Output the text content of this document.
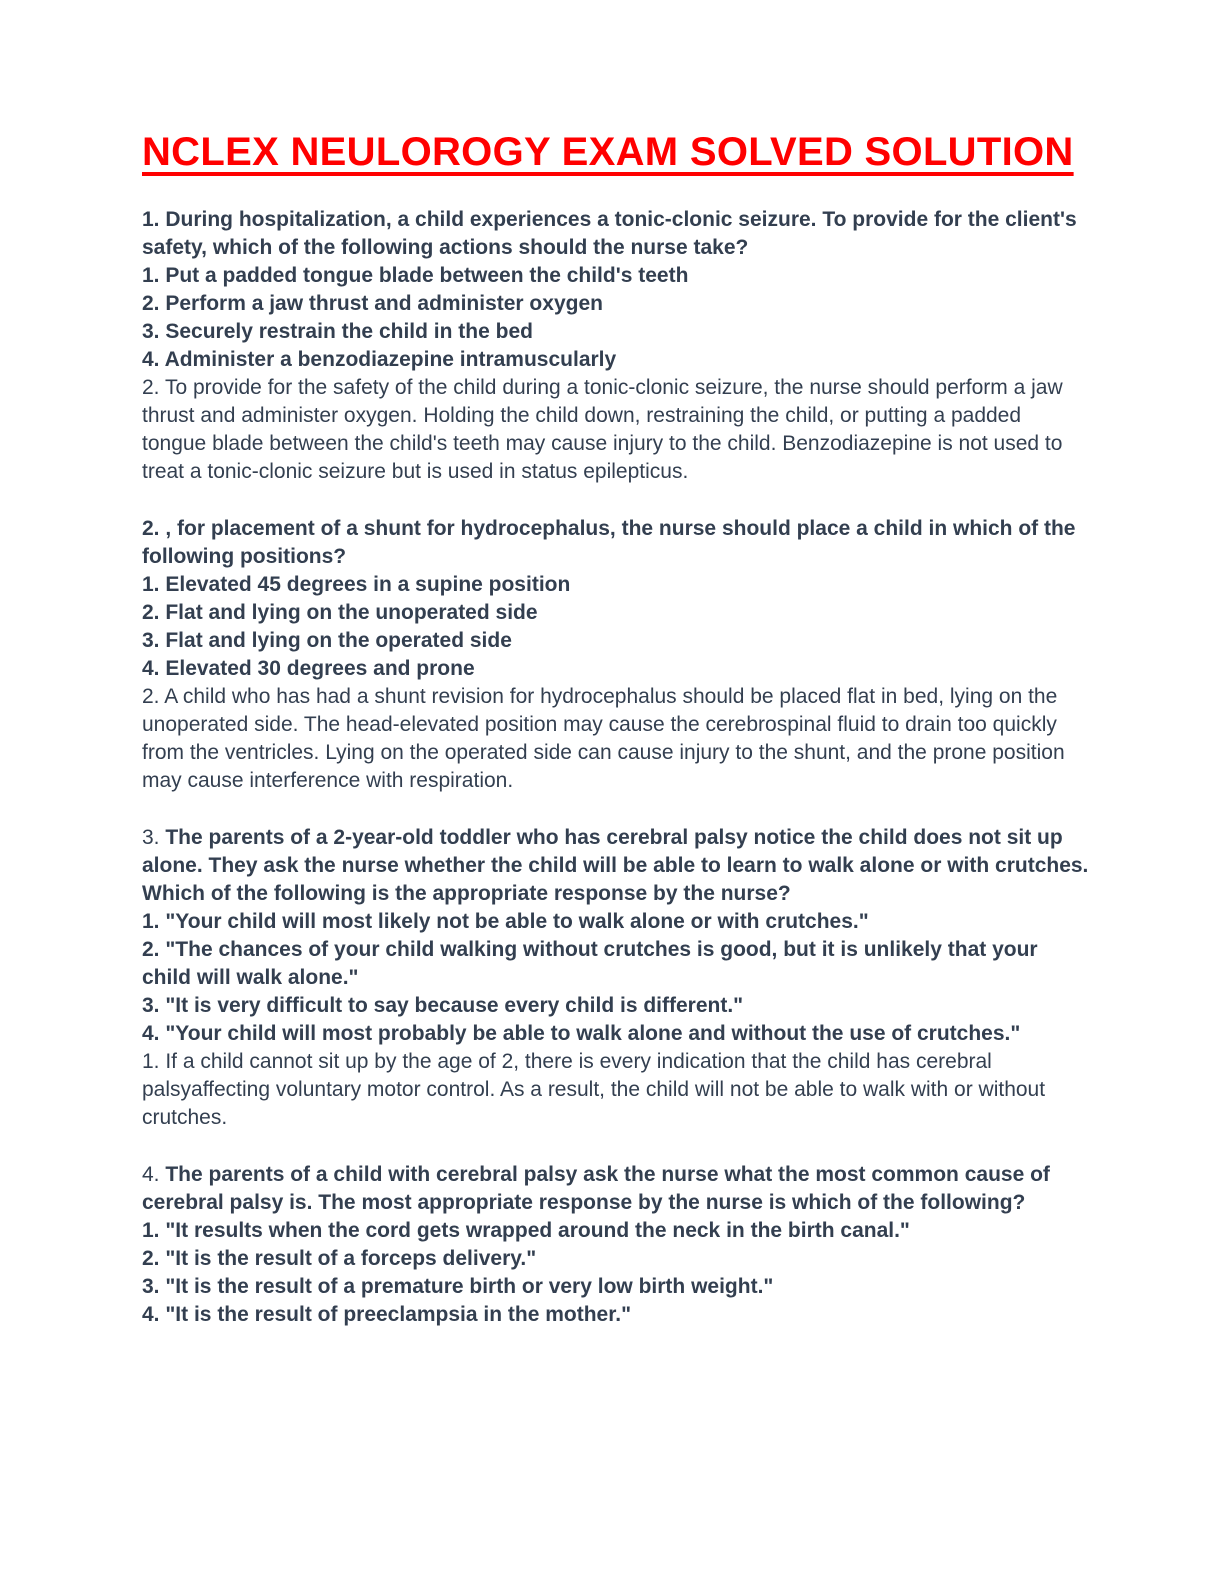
NCLEX NEULOROGY EXAM SOLVED SOLUTION

1. During hospitalization, a child experiences a tonic-clonic seizure. To provide for the client's safety, which of the following actions should the nurse take?

1. Put a padded tongue blade between the child's teeth

2. Perform a jaw thrust and administer oxygen

3. Securely restrain the child in the bed

4. Administer a benzodiazepine intramuscularly

2. To provide for the safety of the child during a tonic-clonic seizure, the nurse should perform a jaw thrust and administer oxygen. Holding the child down, restraining the child, or putting a padded tongue blade between the child's teeth may cause injury to the child. Benzodiazepine is not used to treat a tonic-clonic seizure but is used in status epilepticus.

2. , for placement of a shunt for hydrocephalus, the nurse should place a child in which of the following positions?

1. Elevated 45 degrees in a supine position

2. Flat and lying on the unoperated side

3. Flat and lying on the operated side

4. Elevated 30 degrees and prone

2. A child who has had a shunt revision for hydrocephalus should be placed flat in bed, lying on the unoperated side. The head-elevated position may cause the cerebrospinal fluid to drain too quickly from the ventricles. Lying on the operated side can cause injury to the shunt, and the prone position may cause interference with respiration.

3. The parents of a 2-year-old toddler who has cerebral palsy notice the child does not sit up alone. They ask the nurse whether the child will be able to learn to walk alone or with crutches. Which of the following is the appropriate response by the nurse?

1. "Your child will most likely not be able to walk alone or with crutches."

2. "The chances of your child walking without crutches is good, but it is unlikely that your child will walk alone."

3. "It is very difficult to say because every child is different."

4. "Your child will most probably be able to walk alone and without the use of crutches."

1. If a child cannot sit up by the age of 2, there is every indication that the child has cerebral palsyaffecting voluntary motor control. As a result, the child will not be able to walk with or without crutches.

4. The parents of a child with cerebral palsy ask the nurse what the most common cause of cerebral palsy is. The most appropriate response by the nurse is which of the following?

1. "It results when the cord gets wrapped around the neck in the birth canal."

2. "It is the result of a forceps delivery."

3. "It is the result of a premature birth or very low birth weight."

4. "It is the result of preeclampsia in the mother."
